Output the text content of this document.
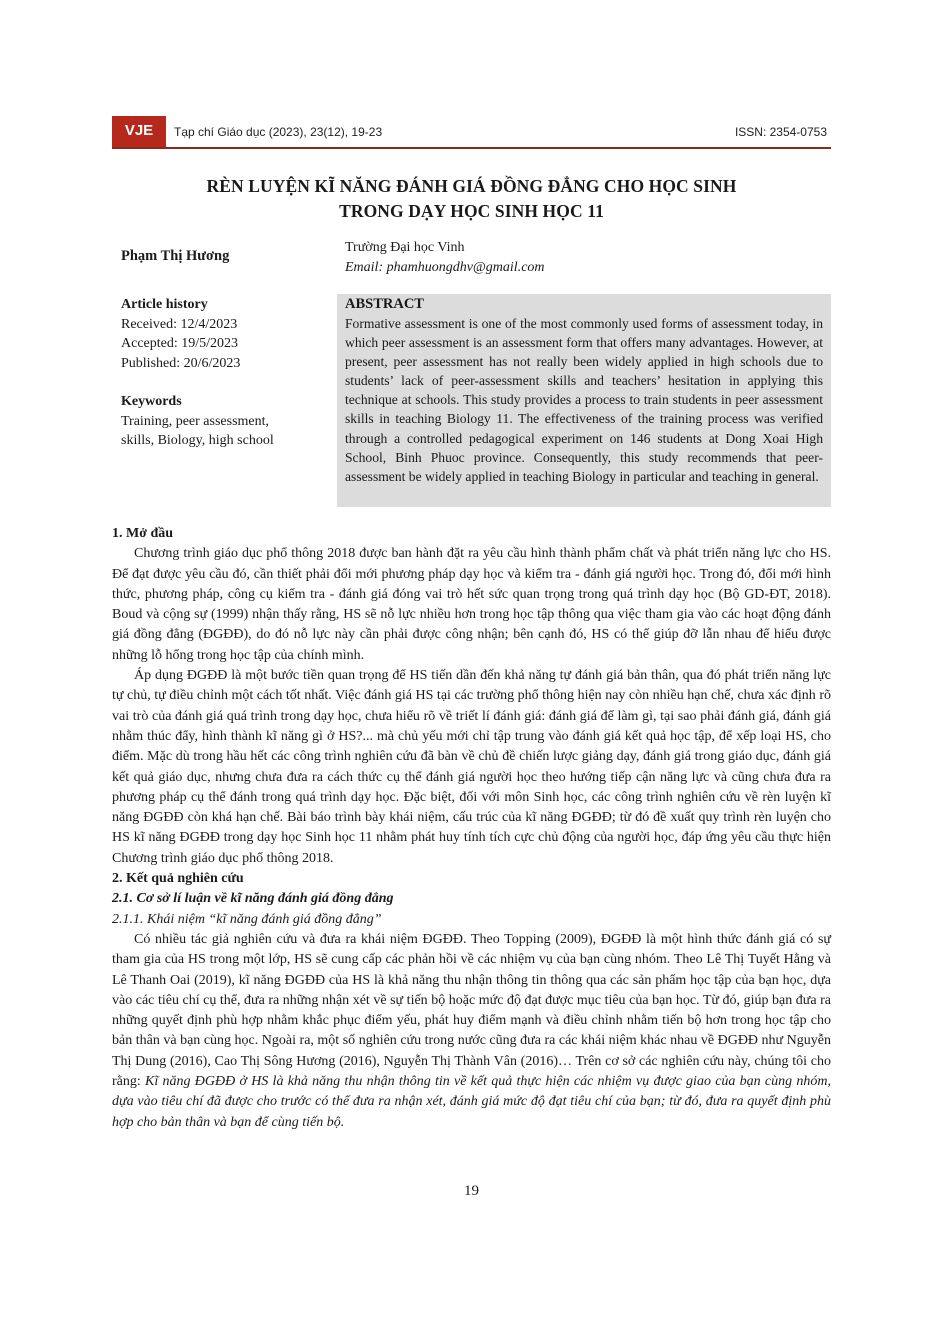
VJE	Tạp chí Giáo dục (2023), 23(12), 19-23	ISSN: 2354-0753
RÈN LUYỆN KĨ NĂNG ĐÁNH GIÁ ĐỒNG ĐẲNG CHO HỌC SINH
TRONG DẠY HỌC SINH HỌC 11
Phạm Thị Hương
Trường Đại học Vinh
Email: phamhuongdhv@gmail.com
Article history
Received: 12/4/2023
Accepted: 19/5/2023
Published: 20/6/2023
Keywords
Training, peer assessment,
skills, Biology, high school
ABSTRACT
Formative assessment is one of the most commonly used forms of assessment today, in which peer assessment is an assessment form that offers many advantages. However, at present, peer assessment has not really been widely applied in high schools due to students’ lack of peer-assessment skills and teachers’ hesitation in applying this technique at schools. This study provides a process to train students in peer assessment skills in teaching Biology 11. The effectiveness of the training process was verified through a controlled pedagogical experiment on 146 students at Dong Xoai High School, Binh Phuoc province. Consequently, this study recommends that peer-assessment be widely applied in teaching Biology in particular and teaching in general.
1. Mở đầu

Chương trình giáo dục phổ thông 2018 được ban hành đặt ra yêu cầu hình thành phẩm chất và phát triển năng lực cho HS. Để đạt được yêu cầu đó, cần thiết phải đổi mới phương pháp dạy học và kiểm tra - đánh giá người học. Trong đó, đổi mới hình thức, phương pháp, công cụ kiểm tra - đánh giá đóng vai trò hết sức quan trọng trong quá trình dạy học (Bộ GD-ĐT, 2018). Boud và cộng sự (1999) nhận thấy rằng, HS sẽ nỗ lực nhiều hơn trong học tập thông qua việc tham gia vào các hoạt động đánh giá đồng đẳng (ĐGĐĐ), do đó nỗ lực này cần phải được công nhận; bên cạnh đó, HS có thể giúp đỡ lẫn nhau để hiểu được những lỗ hổng trong học tập của chính mình.

Áp dụng ĐGĐĐ là một bước tiền quan trọng để HS tiến dần đến khả năng tự đánh giá bản thân, qua đó phát triển năng lực tự chủ, tự điều chỉnh một cách tốt nhất. Việc đánh giá HS tại các trường phổ thông hiện nay còn nhiều hạn chế, chưa xác định rõ vai trò của đánh giá quá trình trong dạy học, chưa hiểu rõ về triết lí đánh giá: đánh giá để làm gì, tại sao phải đánh giá, đánh giá nhằm thúc đẩy, hình thành kĩ năng gì ở HS?... mà chủ yếu mới chỉ tập trung vào đánh giá kết quả học tập, để xếp loại HS, cho điểm. Mặc dù trong hầu hết các công trình nghiên cứu đã bàn về chủ đề chiến lược giảng dạy, đánh giá trong giáo dục, đánh giá kết quả giáo dục, nhưng chưa đưa ra cách thức cụ thể đánh giá người học theo hướng tiếp cận năng lực và cũng chưa đưa ra phương pháp cụ thể đánh trong quá trình dạy học. Đặc biệt, đối với môn Sinh học, các công trình nghiên cứu về rèn luyện kĩ năng ĐGĐĐ còn khá hạn chế. Bài báo trình bày khái niệm, cấu trúc của kĩ năng ĐGĐĐ; từ đó đề xuất quy trình rèn luyện cho HS kĩ năng ĐGĐĐ trong dạy học Sinh học 11 nhằm phát huy tính tích cực chủ động của người học, đáp ứng yêu cầu thực hiện Chương trình giáo dục phổ thông 2018.

2. Kết quả nghiên cứu
2.1. Cơ sở lí luận về kĩ năng đánh giá đồng đẳng
2.1.1. Khái niệm “kĩ năng đánh giá đồng đẳng”

Có nhiều tác giả nghiên cứu và đưa ra khái niệm ĐGĐĐ. Theo Topping (2009), ĐGĐĐ là một hình thức đánh giá có sự tham gia của HS trong một lớp, HS sẽ cung cấp các phản hồi về các nhiệm vụ của bạn cùng nhóm. Theo Lê Thị Tuyết Hằng và Lê Thanh Oai (2019), kĩ năng ĐGĐĐ của HS là khả năng thu nhận thông tin thông qua các sản phẩm học tập của bạn học, dựa vào các tiêu chí cụ thể, đưa ra những nhận xét về sự tiến bộ hoặc mức độ đạt được mục tiêu của bạn học. Từ đó, giúp bạn đưa ra những quyết định phù hợp nhằm khắc phục điểm yếu, phát huy điểm mạnh và điều chỉnh nhằm tiến bộ hơn trong học tập cho bản thân và bạn cùng học. Ngoài ra, một số nghiên cứu trong nước cũng đưa ra các khái niệm khác nhau về ĐGĐĐ như Nguyễn Thị Dung (2016), Cao Thị Sông Hương (2016), Nguyễn Thị Thành Vân (2016)… Trên cơ sở các nghiên cứu này, chúng tôi cho rằng: Kĩ năng ĐGĐĐ ở HS là khả năng thu nhận thông tin về kết quả thực hiện các nhiệm vụ được giao của bạn cùng nhóm, dựa vào tiêu chí đã được cho trước có thể đưa ra nhận xét, đánh giá mức độ đạt tiêu chí của bạn; từ đó, đưa ra quyết định phù hợp cho bản thân và bạn để cùng tiến bộ.

19
